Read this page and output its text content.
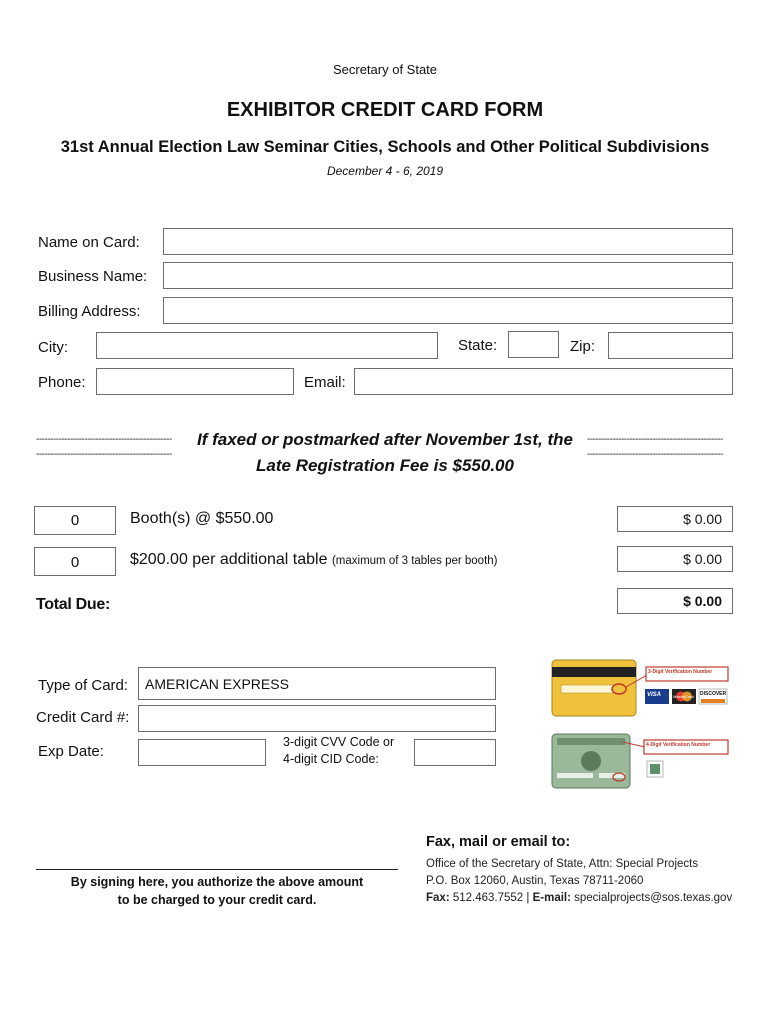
Secretary of State
EXHIBITOR CREDIT CARD FORM
31st Annual Election Law Seminar Cities, Schools and Other Political Subdivisions
December 4 - 6, 2019
Name on Card:
Business Name:
Billing Address:
City:	State:	Zip:
Phone:	Email:
------------------------------------------------
------------------------------------------------
------------------------------------------------
------------------------------------------------
If faxed or postmarked after November 1st, the
Late Registration Fee is $550.00
0	Booth(s) @ $550.00	$ 0.00
0	$200.00 per additional table (maximum of 3 tables per booth)	$ 0.00
Total Due:	$ 0.00
Type of Card:	AMERICAN EXPRESS
Credit Card #:
Exp Date:
3-digit CVV Code or
4-digit CID Code:
3-Digit Verification Number
VISA	MasterCard DISCOVER
4-Digit Verification Number
By signing here, you authorize the above amount
to be charged to your credit card.
Fax, mail or email to:
Office of the Secretary of State, Attn: Special Projects
P.O. Box 12060, Austin, Texas 78711-2060
Fax: 512.463.7552 | E-mail: specialprojects@sos.texas.gov
